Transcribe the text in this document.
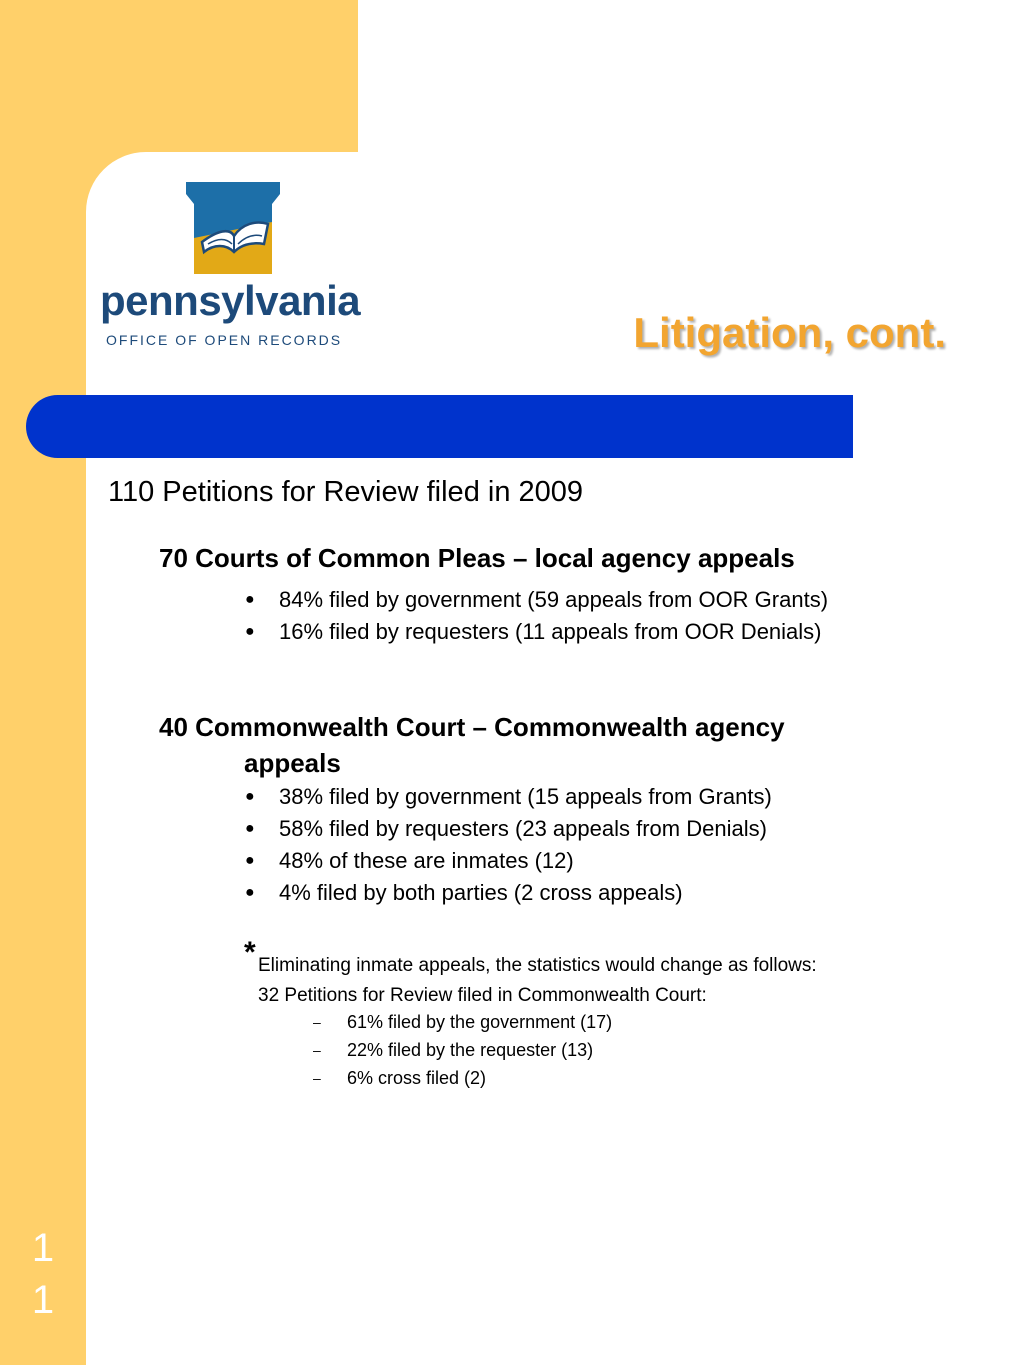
pennsylvania
OFFICE OF OPEN RECORDS	Litigation, cont.
110 Petitions for Review filed in 2009
70 Courts of Common Pleas – local agency appeals
● 84% filed by government (59 appeals from OOR Grants)
● 16% filed by requesters (11 appeals from OOR Denials)
40 Commonwealth Court – Commonwealth agency
appeals
● 38% filed by government (15 appeals from Grants)
● 58% filed by requesters (23 appeals from Denials)
● 48% of these are inmates (12)
● 4% filed by both parties (2 cross appeals)
* Eliminating inmate appeals, the statistics would change as follows:
32 Petitions for Review filed in Commonwealth Court:
– 61% filed by the government (17)
– 22% filed by the requester (13)
– 6% cross filed (2)
11
